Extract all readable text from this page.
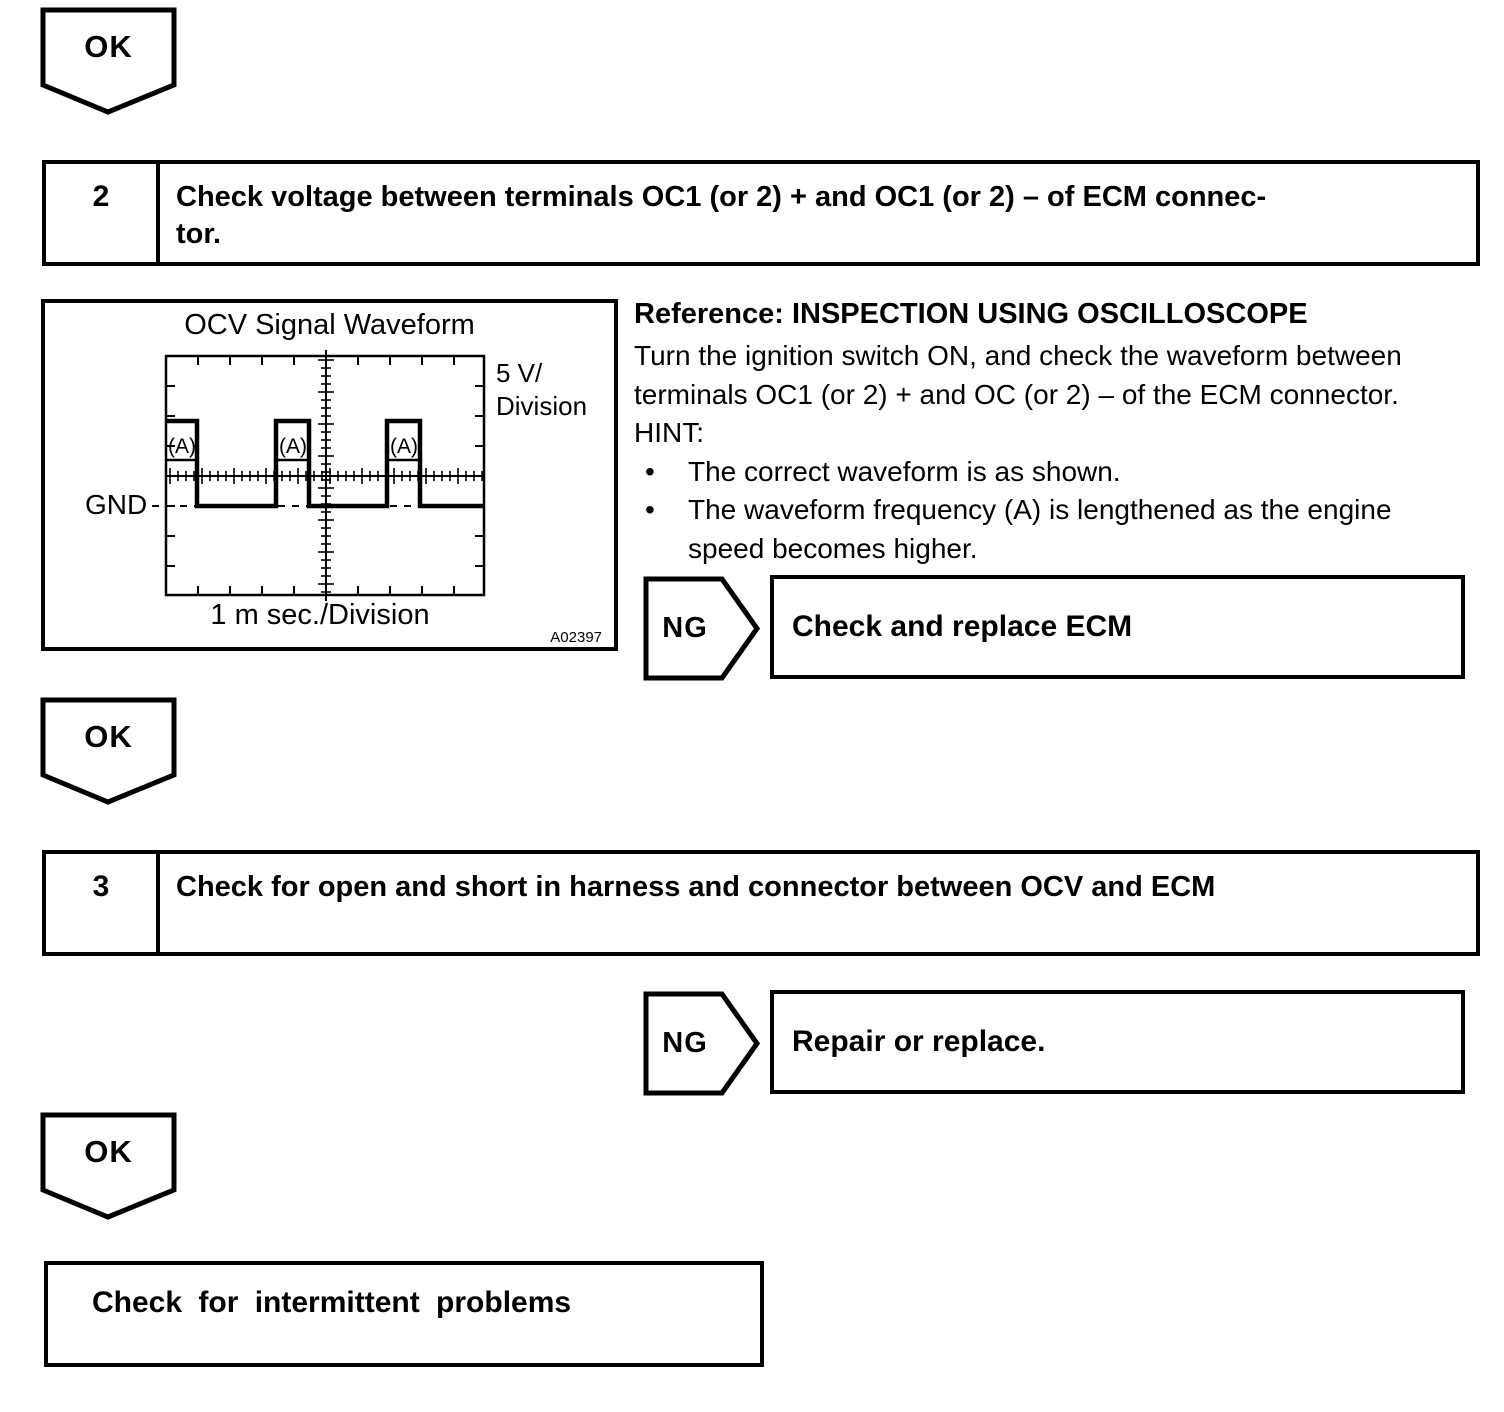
OK
2	Check voltage between terminals OC1 (or 2) + and OC1 (or 2) – of ECM connec-
tor.
OCV Signal Waveform
(A)	(A)	(A)
5 V/
Division
GND
1 m sec./Division
A02397
Reference: INSPECTION USING OSCILLOSCOPE
Turn the ignition switch ON, and check the waveform between
terminals OC1 (or 2) + and OC (or 2) – of the ECM connector.
HINT:
•	The correct waveform is as shown.
•	The waveform frequency (A) is lengthened as the engine
speed becomes higher.
NG	Check and replace ECM
OK
3	Check for open and short in harness and connector between OCV and ECM
NG	Repair or replace.
OK
Check for intermittent problems
